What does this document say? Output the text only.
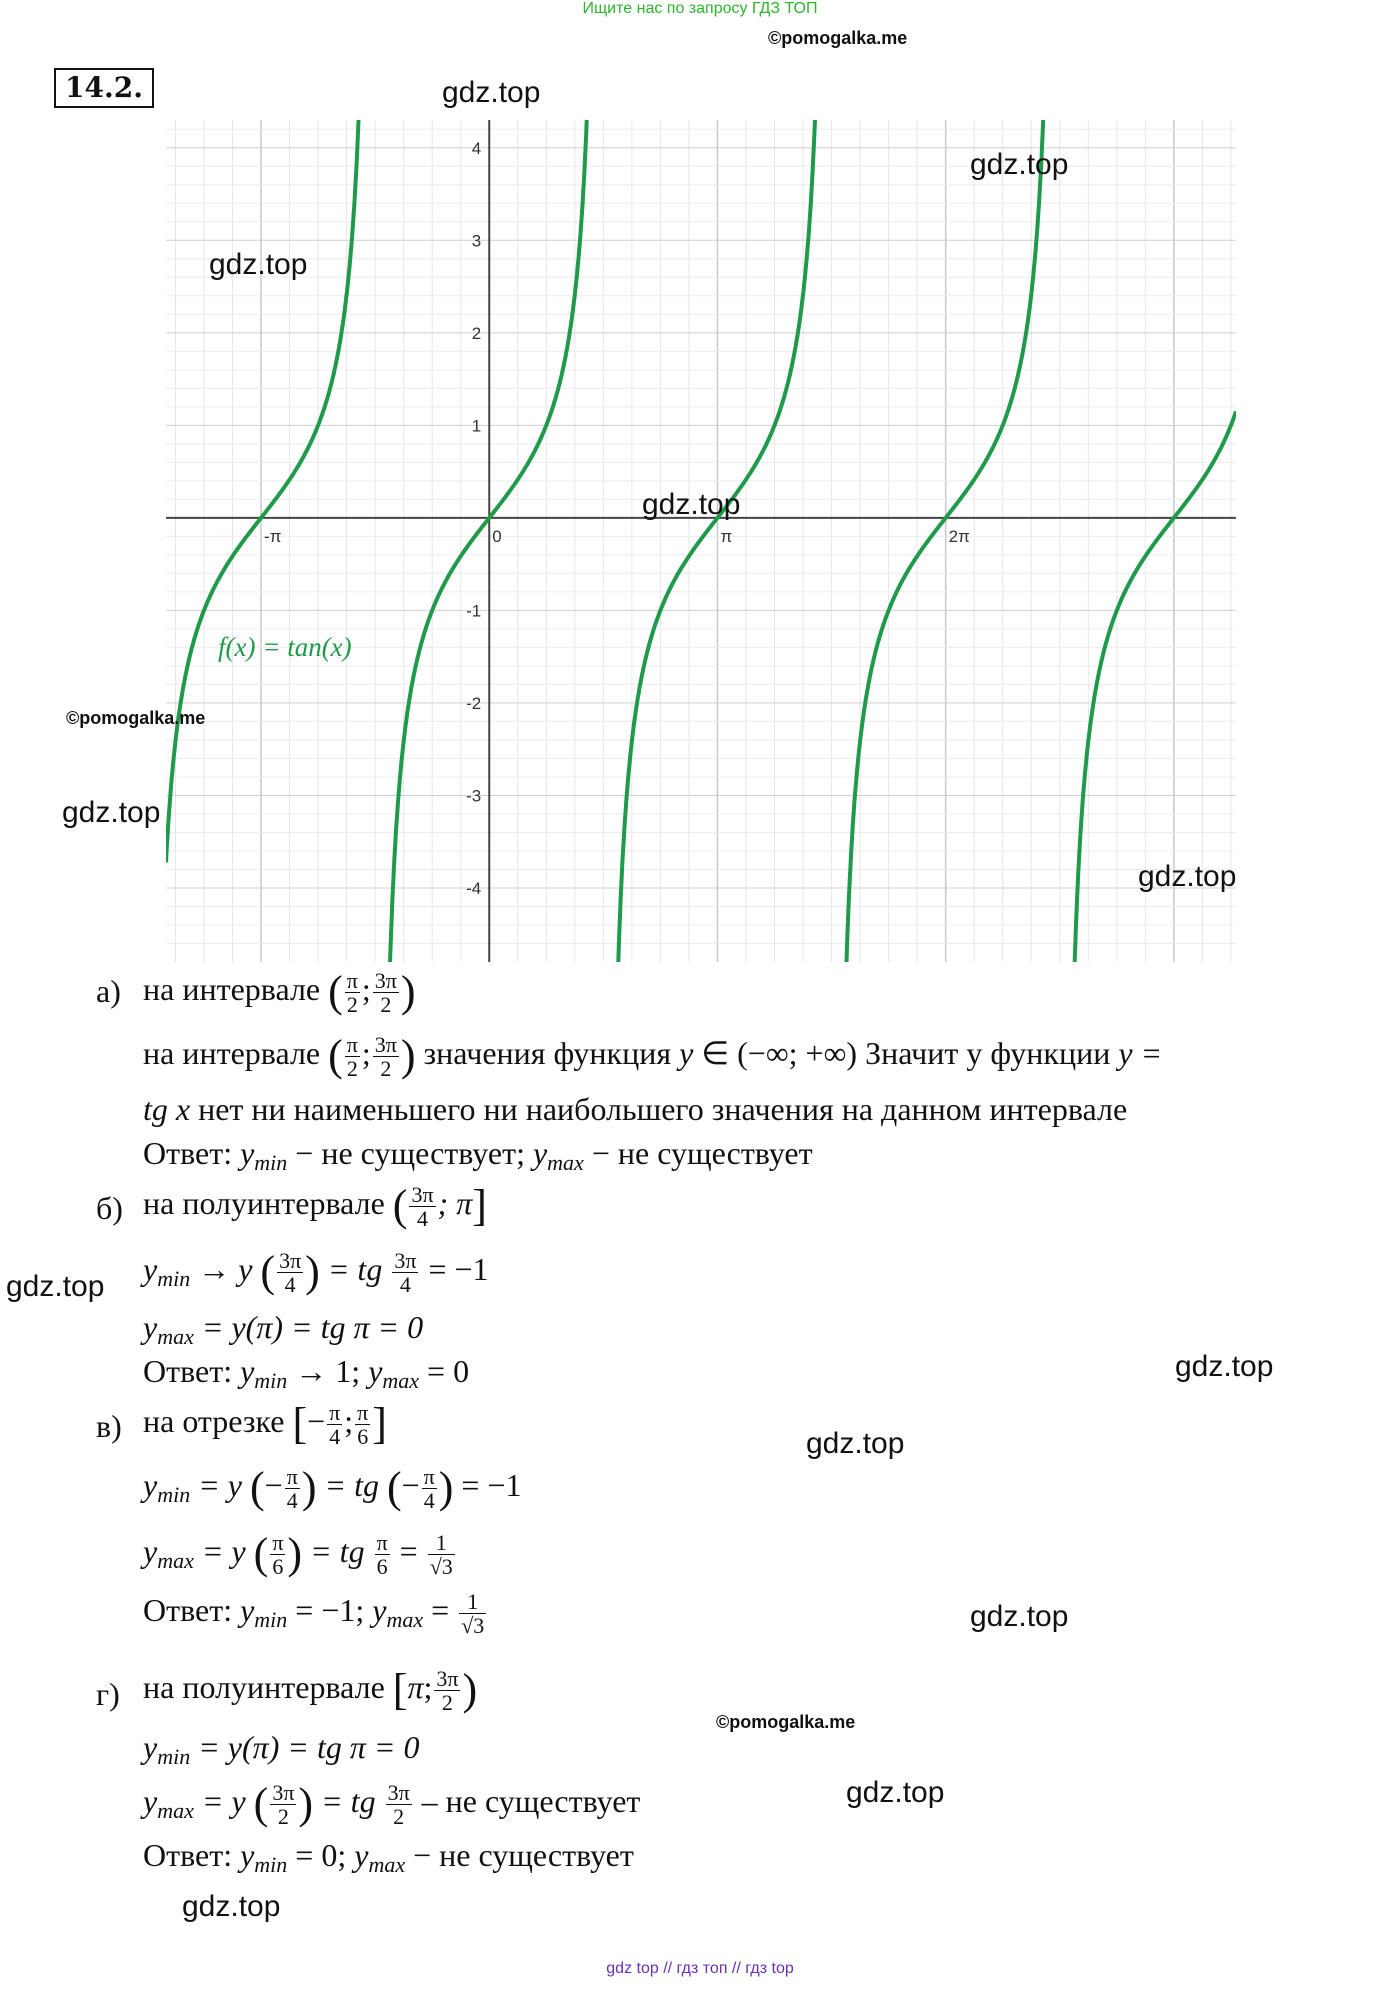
Ищите нас по запросу ГДЗ ТОП
©pomogalka.me
14.2.
-π	0	π	2π
4
3
2
1
-1
-2
-3
-4
f(x) = tan(x)
gdz.top
gdz.top
gdz.top
gdz.top
©pomogalka.me
gdz.top
gdz.top
gdz.top
gdz.top
gdz.top
gdz.top
©pomogalka.me
gdz.top
gdz.top
а) на интервале ( $\frac{\pi}{2}$ ; $\frac{3\pi}{2}$ )
на интервале ( $\frac{\pi}{2}$ ; $\frac{3\pi}{2}$ ) значения функция y ∈ (−∞; +∞) Значит у функции y =
tg x нет ни наименьшего ни наибольшего значения на данном интервале
Ответ: $y_{min}$ − не существует; $y_{max}$ − не существует
б) на полуинтервале ( $\frac{3\pi}{4}$ ; π]
$y_{min} \to y$ ( $\frac{3\pi}{4}$ ) = tg $\frac{3\pi}{4} = -1$
$y_{max} = y(\pi)$ = tg π = 0
Ответ: $y_{min} \to 1$; $y_{max} = 0$
в) на отрезке [− $\frac{\pi}{4}$ ; $\frac{\pi}{6}$ ]
$y_{min} = y$ (− $\frac{\pi}{4}$ ) = tg (− $\frac{\pi}{4}$ ) = −1
$y_{max} = y$ ( $\frac{\pi}{6}$ ) = tg $\frac{\pi}{6} = \frac{1}{√3}$
Ответ: $y_{min} = -1$; $y_{max} = \frac{1}{√3}$
г) на полуинтервале [π; $\frac{3\pi}{2}$ )
$y_{min} = y(\pi)$ = tg π = 0
$y_{max} = y$ ( $\frac{3\pi}{2}$ ) = tg $\frac{3\pi}{2}$ – не существует
Ответ: $y_{min} = 0$; $y_{max}$ − не существует
gdz top // гдз топ // гдз top
